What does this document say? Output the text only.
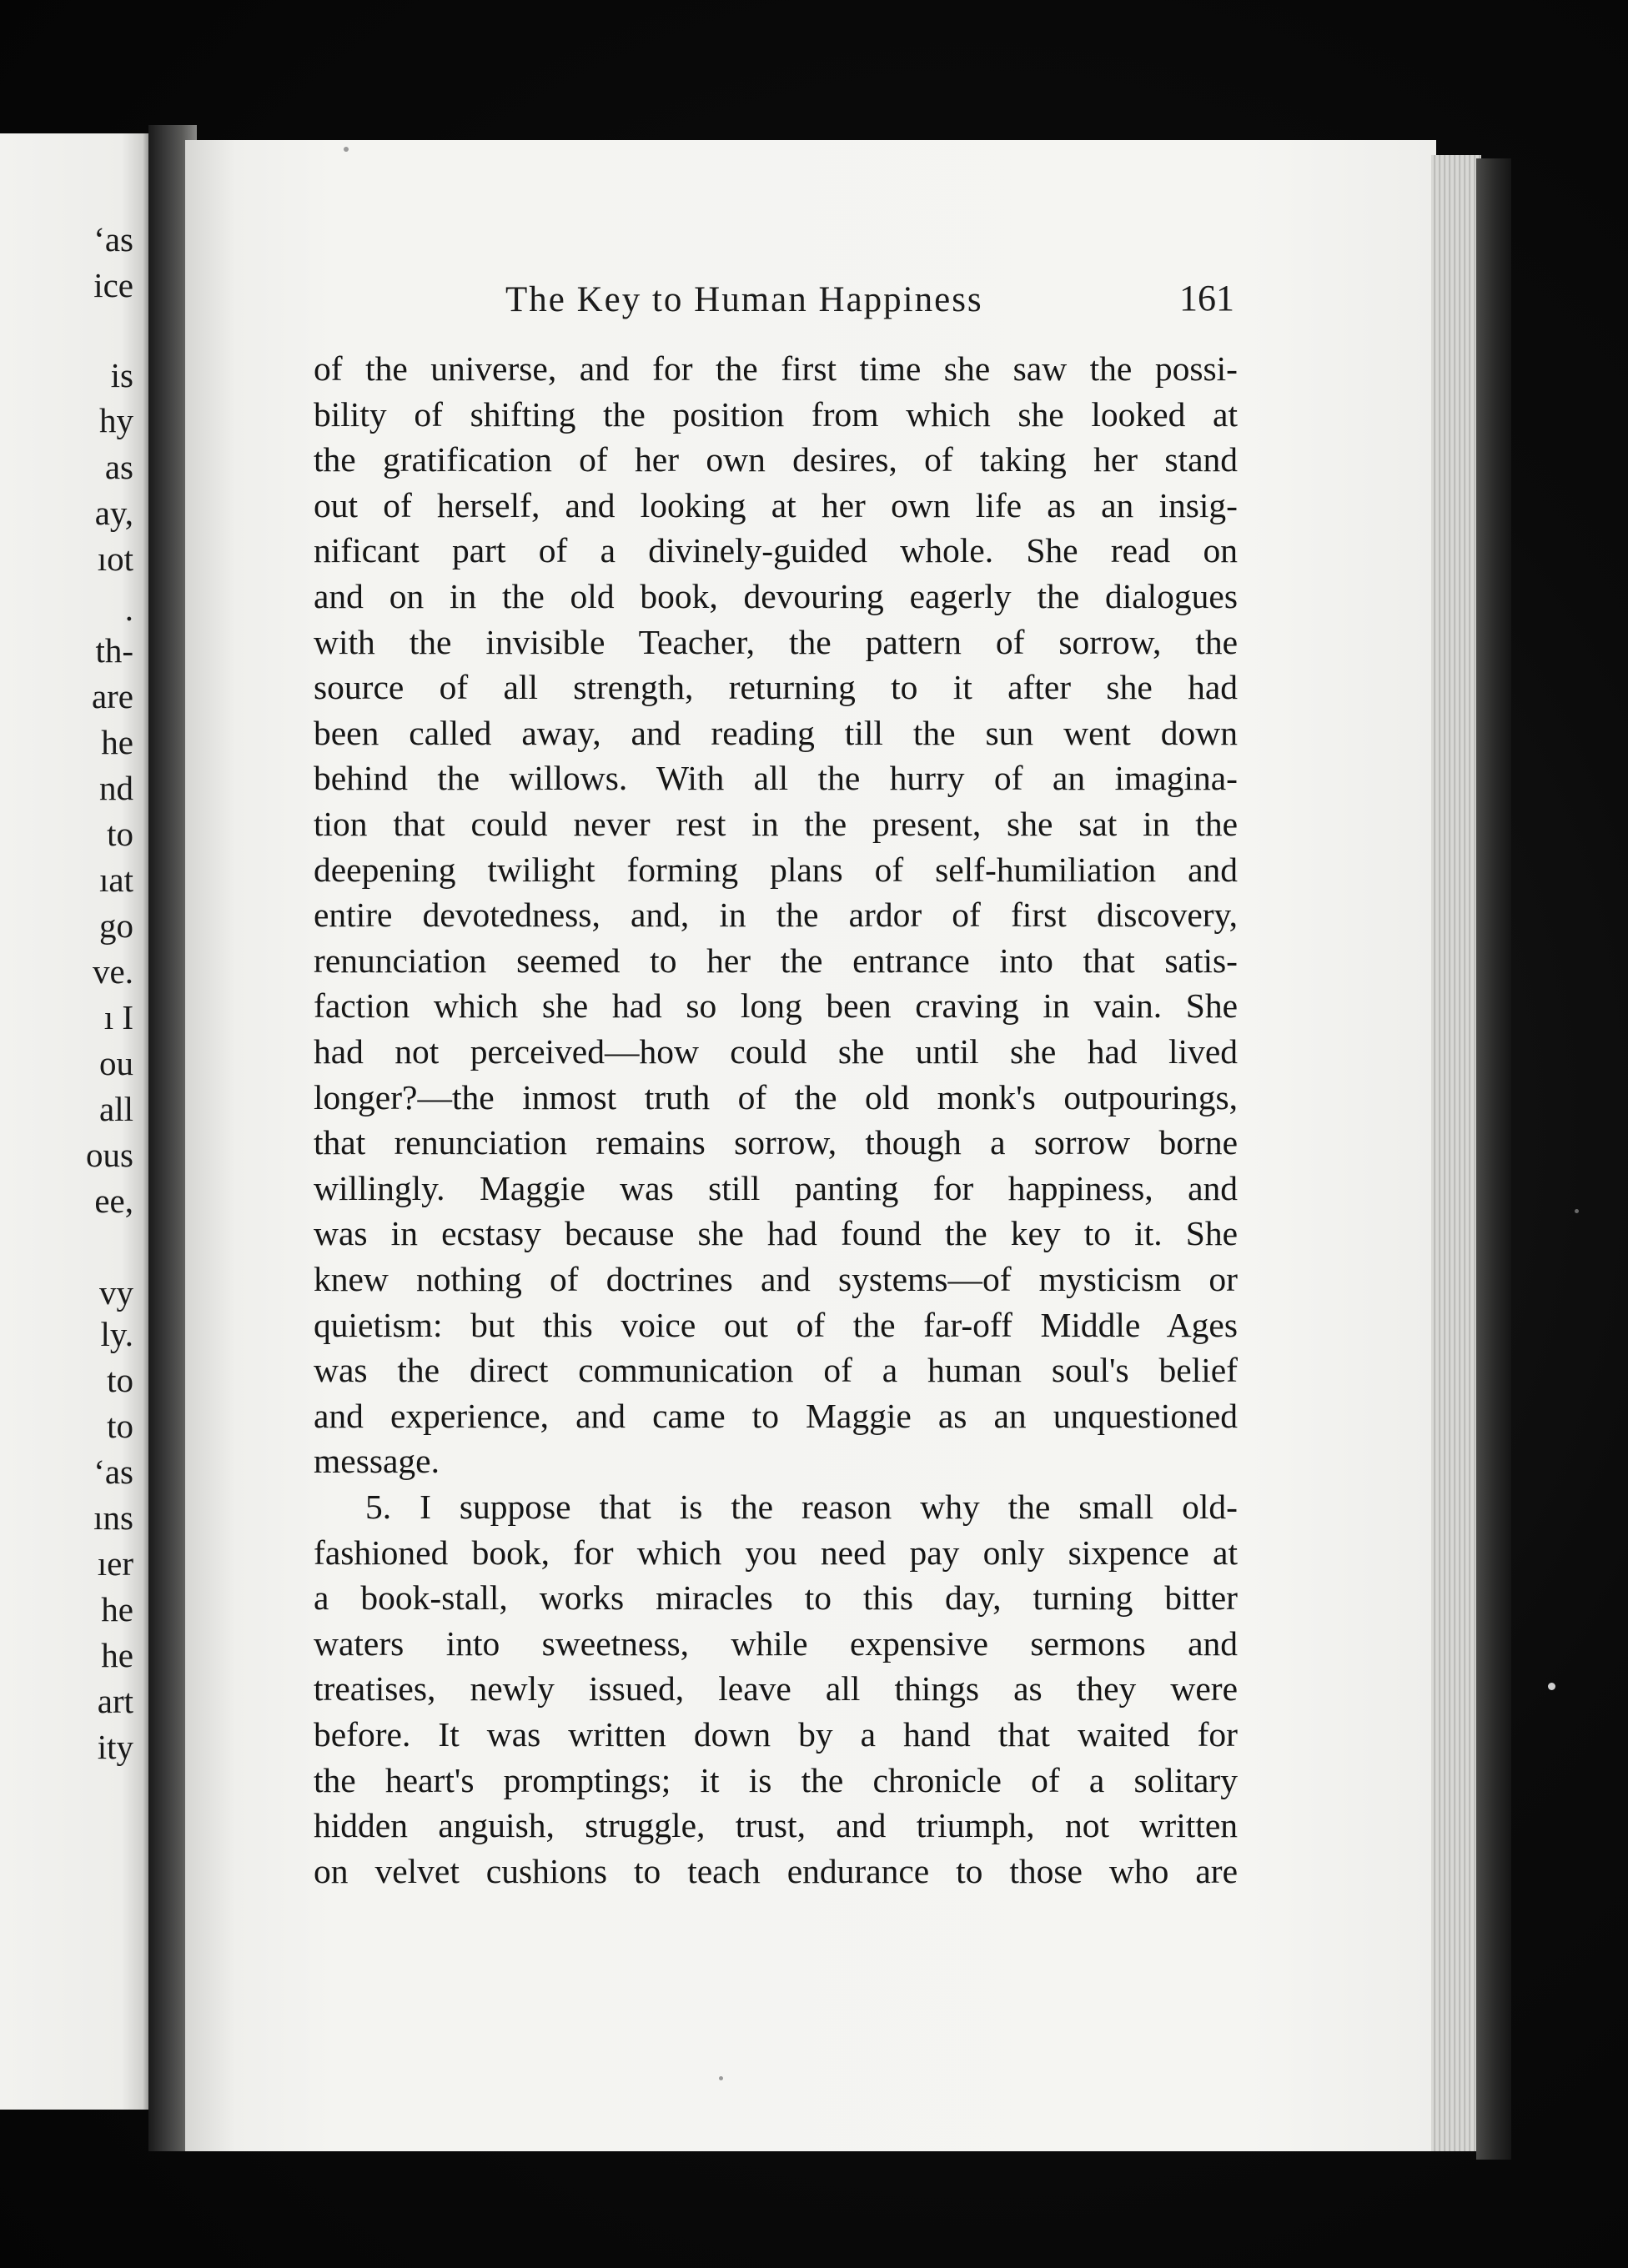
ʻas
ice
is
hy
as
ay,
ıot
.
th-
are
he
nd
to
ıat
go
ve.
ı I
ou
all
ous
ee,
vy
ly.
to
to
ʻas
ıns
ıer
he
he
art
ity
The Key to Human Happiness	161
of the universe, and for the first time she saw the possi-
bility of shifting the position from which she looked at
the gratification of her own desires, of taking her stand
out of herself, and looking at her own life as an insig-
nificant part of a divinely-guided whole. She read on
and on in the old book, devouring eagerly the dialogues
with the invisible Teacher, the pattern of sorrow, the
source of all strength, returning to it after she had
been called away, and reading till the sun went down
behind the willows. With all the hurry of an imagina-
tion that could never rest in the present, she sat in the
deepening twilight forming plans of self-humiliation and
entire devotedness, and, in the ardor of first discovery,
renunciation seemed to her the entrance into that satis-
faction which she had so long been craving in vain. She
had not perceived—how could she until she had lived
longer?—the inmost truth of the old monk's outpourings,
that renunciation remains sorrow, though a sorrow borne
willingly. Maggie was still panting for happiness, and
was in ecstasy because she had found the key to it. She
knew nothing of doctrines and systems—of mysticism or
quietism: but this voice out of the far-off Middle Ages
was the direct communication of a human soul's belief
and experience, and came to Maggie as an unquestioned
message.
5. I suppose that is the reason why the small old-
fashioned book, for which you need pay only sixpence at
a book-stall, works miracles to this day, turning bitter
waters into sweetness, while expensive sermons and
treatises, newly issued, leave all things as they were
before. It was written down by a hand that waited for
the heart's promptings; it is the chronicle of a solitary
hidden anguish, struggle, trust, and triumph, not written
on velvet cushions to teach endurance to those who are
